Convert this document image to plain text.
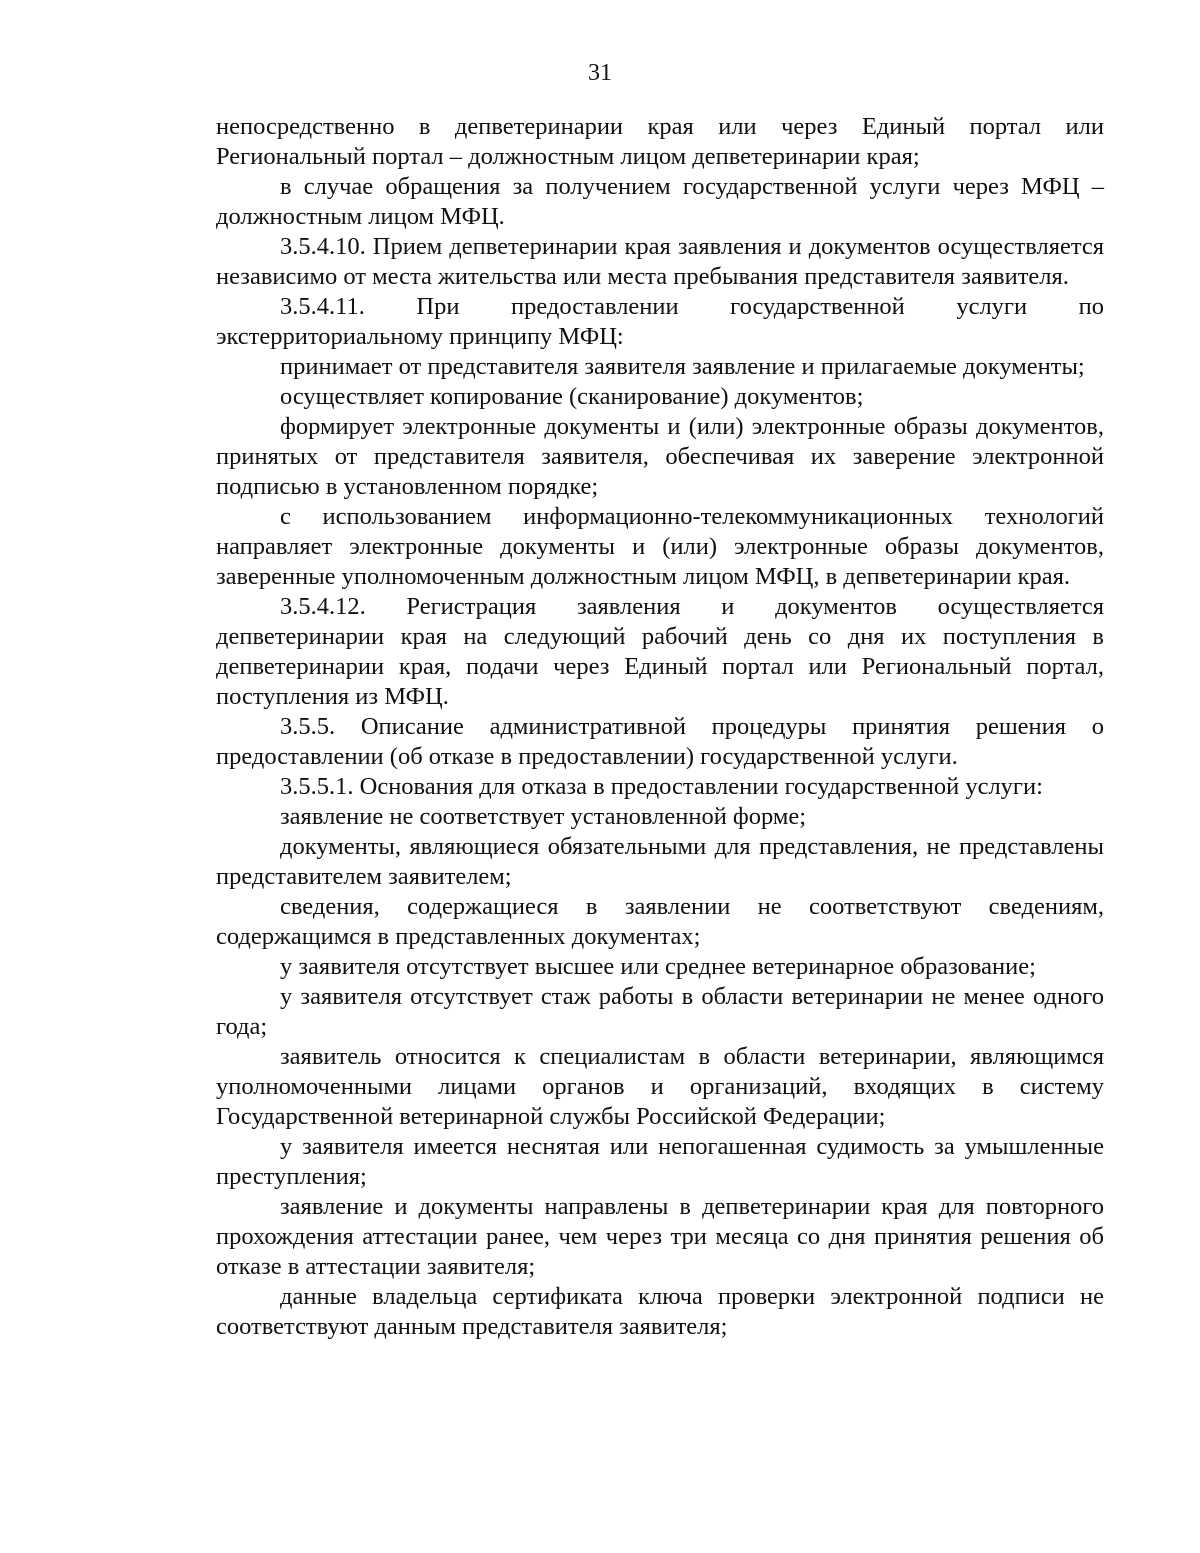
31

непосредственно в депветеринарии края или через Единый портал или Региональный портал – должностным лицом депветеринарии края;

в случае обращения за получением государственной услуги через МФЦ – должностным лицом МФЦ.

3.5.4.10. Прием депветеринарии края заявления и документов осуществляется независимо от места жительства или места пребывания представителя заявителя.

3.5.4.11. При предоставлении государственной услуги по экстерриториальному принципу МФЦ:

принимает от представителя заявителя заявление и прилагаемые документы;

осуществляет копирование (сканирование) документов;

формирует электронные документы и (или) электронные образы документов, принятых от представителя заявителя, обеспечивая их заверение электронной подписью в установленном порядке;

с использованием информационно-телекоммуникационных технологий направляет электронные документы и (или) электронные образы документов, заверенные уполномоченным должностным лицом МФЦ, в депветеринарии края.

3.5.4.12. Регистрация заявления и документов осуществляется депветеринарии края на следующий рабочий день со дня их поступления в депветеринарии края, подачи через Единый портал или Региональный портал, поступления из МФЦ.

3.5.5. Описание административной процедуры принятия решения о предоставлении (об отказе в предоставлении) государственной услуги.

3.5.5.1. Основания для отказа в предоставлении государственной услуги:

заявление не соответствует установленной форме;

документы, являющиеся обязательными для представления, не представлены представителем заявителем;

сведения, содержащиеся в заявлении не соответствуют сведениям, содержащимся в представленных документах;

у заявителя отсутствует высшее или среднее ветеринарное образование;

у заявителя отсутствует стаж работы в области ветеринарии не менее одного года;

заявитель относится к специалистам в области ветеринарии, являющимся уполномоченными лицами органов и организаций, входящих в систему Государственной ветеринарной службы Российской Федерации;

у заявителя имеется неснятая или непогашенная судимость за умышленные преступления;

заявление и документы направлены в депветеринарии края для повторного прохождения аттестации ранее, чем через три месяца со дня принятия решения об отказе в аттестации заявителя;

данные владельца сертификата ключа проверки электронной подписи не соответствуют данным представителя заявителя;
